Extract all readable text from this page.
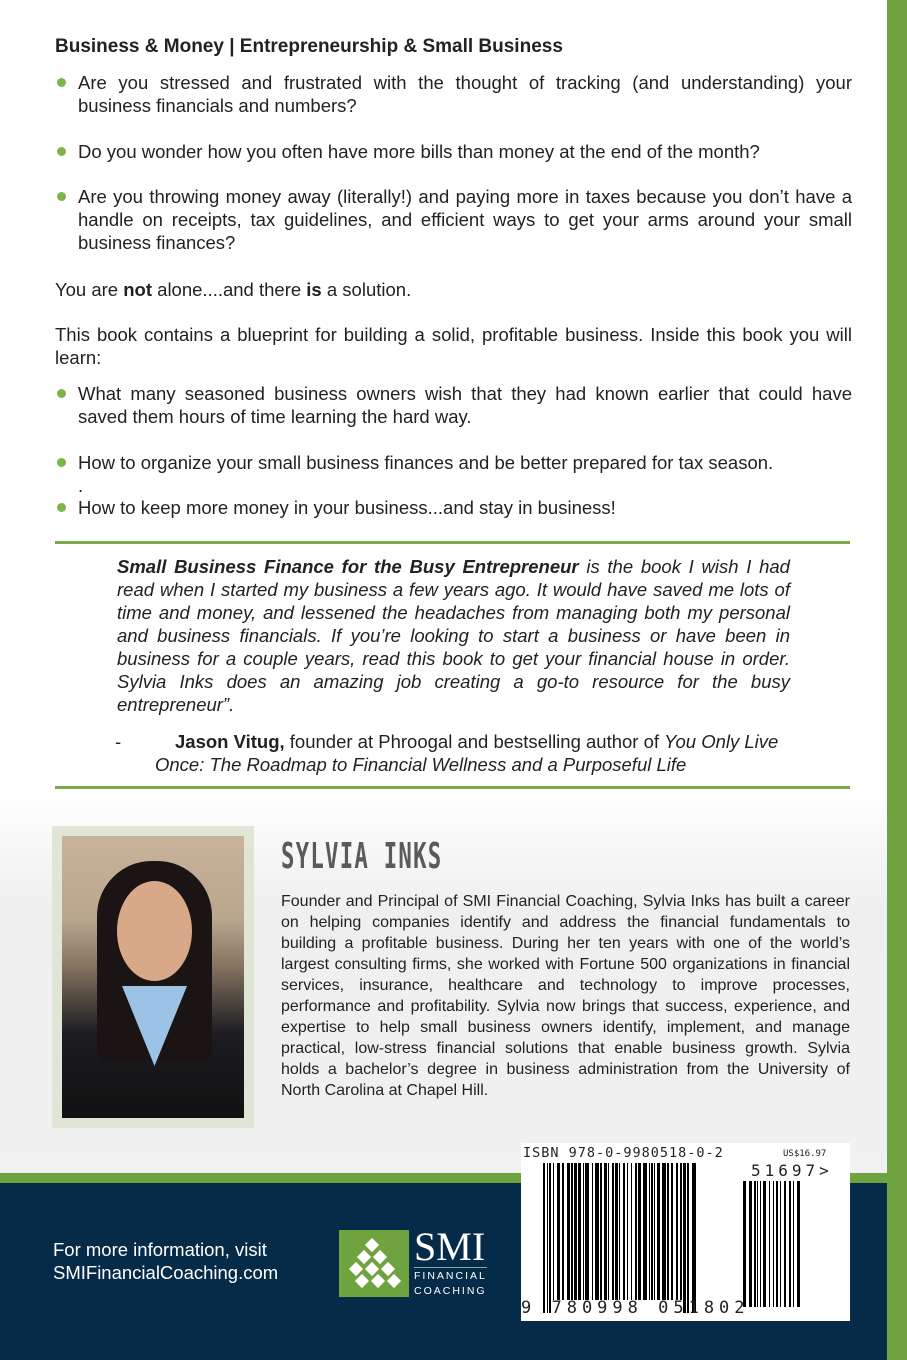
Business & Money | Entrepreneurship & Small Business
Are you stressed and frustrated with the thought of tracking (and understanding) your business financials and numbers?
Do you wonder how you often have more bills than money at the end of the month?
Are you throwing money away (literally!) and paying more in taxes because you don’t have a handle on receipts, tax guidelines, and efficient ways to get your arms around your small business finances?
You are not alone....and there is a solution.
This book contains a blueprint for building a solid, profitable business. Inside this book you will learn:
What many seasoned business owners wish that they had known earlier that could have saved them hours of time learning the hard way.
How to organize your small business finances and be better prepared for tax season.
.
How to keep more money in your business...and stay in business!
Small Business Finance for the Busy Entrepreneur is the book I wish I had read when I started my business a few years ago. It would have saved me lots of time and money, and lessened the headaches from managing both my personal and business financials. If you’re looking to start a business or have been in business for a couple years, read this book to get your financial house in order. Sylvia Inks does an amazing job creating a go-to resource for the busy entrepreneur”.
-	Jason Vitug, founder at Phroogal and bestselling author of You Only Live Once: The Roadmap to Financial Wellness and a Purposeful Life
SYLVIA INKS
Founder and Principal of SMI Financial Coaching, Sylvia Inks has built a career on helping companies identify and address the financial fundamentals to building a profitable business. During her ten years with one of the world’s largest consulting firms, she worked with Fortune 500 organizations in financial services, insurance, healthcare and technology to improve processes, performance and profitability. Sylvia now brings that success, experience, and expertise to help small business owners identify, implement, and manage practical, low-stress financial solutions that enable business growth. Sylvia holds a bachelor’s degree in business administration from the University of North Carolina at Chapel Hill.
For more information, visit
SMIFinancialCoaching.com
SMI
FINANCIAL
COACHING
ISBN 978-0-9980518-0-2	US$16.97
51697>
9 780998 051802
